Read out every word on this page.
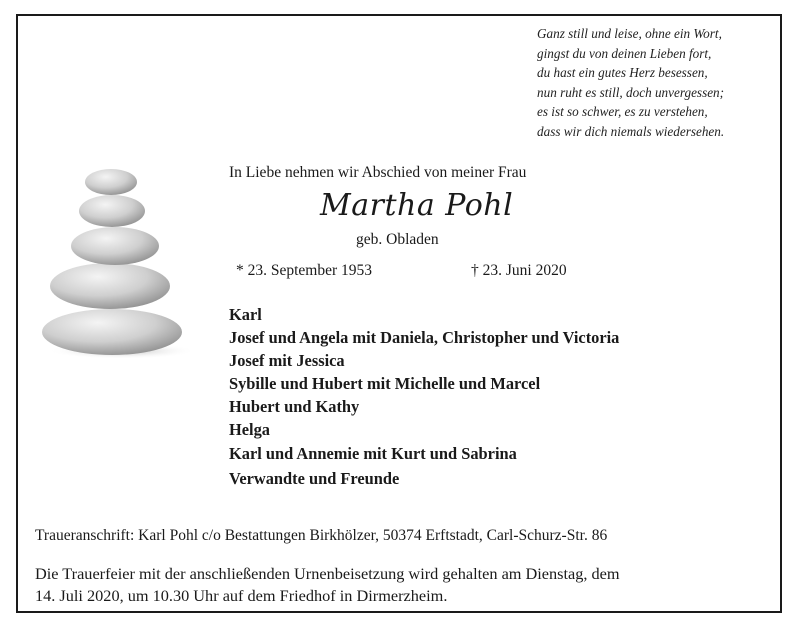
Ganz still und leise, ohne ein Wort,
gingst du von deinen Lieben fort,
du hast ein gutes Herz besessen,
nun ruht es still, doch unvergessen;
es ist so schwer, es zu verstehen,
dass wir dich niemals wiedersehen.
In Liebe nehmen wir Abschied von meiner Frau
Martha Pohl
geb. Obladen
* 23. September 1953	† 23. Juni 2020
Karl
Josef und Angela mit Daniela, Christopher und Victoria
Josef mit Jessica
Sybille und Hubert mit Michelle und Marcel
Hubert und Kathy
Helga
Karl und Annemie mit Kurt und Sabrina
Verwandte und Freunde
Traueranschrift: Karl Pohl c/o Bestattungen Birkhölzer, 50374 Erftstadt, Carl-Schurz-Str. 86
Die Trauerfeier mit der anschließenden Urnenbeisetzung wird gehalten am Dienstag, dem
14. Juli 2020, um 10.30 Uhr auf dem Friedhof in Dirmerzheim.
